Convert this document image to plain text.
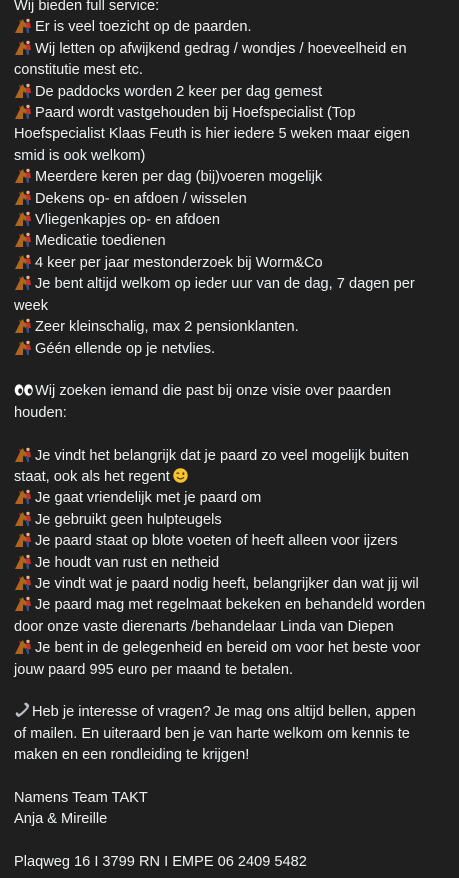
Wij bieden full service:
Er is veel toezicht op de paarden.
Wij letten op afwijkend gedrag / wondjes / hoeveelheid en
constitutie mest etc.
De paddocks worden 2 keer per dag gemest
Paard wordt vastgehouden bij Hoefspecialist (Top
Hoefspecialist Klaas Feuth is hier iedere 5 weken maar eigen
smid is ook welkom)
Meerdere keren per dag (bij)voeren mogelijk
Dekens op- en afdoen / wisselen
Vliegenkapjes op- en afdoen
Medicatie toedienen
4 keer per jaar mestonderzoek bij Worm&Co
Je bent altijd welkom op ieder uur van de dag, 7 dagen per
week
Zeer kleinschalig, max 2 pensionklanten.
Géén ellende op je netvlies.
Wij zoeken iemand die past bij onze visie over paarden
houden:
Je vindt het belangrijk dat je paard zo veel mogelijk buiten
staat, ook als het regent
Je gaat vriendelijk met je paard om
Je gebruikt geen hulpteugels
Je paard staat op blote voeten of heeft alleen voor ijzers
Je houdt van rust en netheid
Je vindt wat je paard nodig heeft, belangrijker dan wat jij wil
Je paard mag met regelmaat bekeken en behandeld worden
door onze vaste dierenarts /behandelaar Linda van Diepen
Je bent in de gelegenheid en bereid om voor het beste voor
jouw paard 995 euro per maand te betalen.
Heb je interesse of vragen? Je mag ons altijd bellen, appen
of mailen. En uiteraard ben je van harte welkom om kennis te
maken en een rondleiding te krijgen!
Namens Team TAKT
Anja & Mireille
Plaqweg 16 I 3799 RN I EMPE 06 2409 5482
